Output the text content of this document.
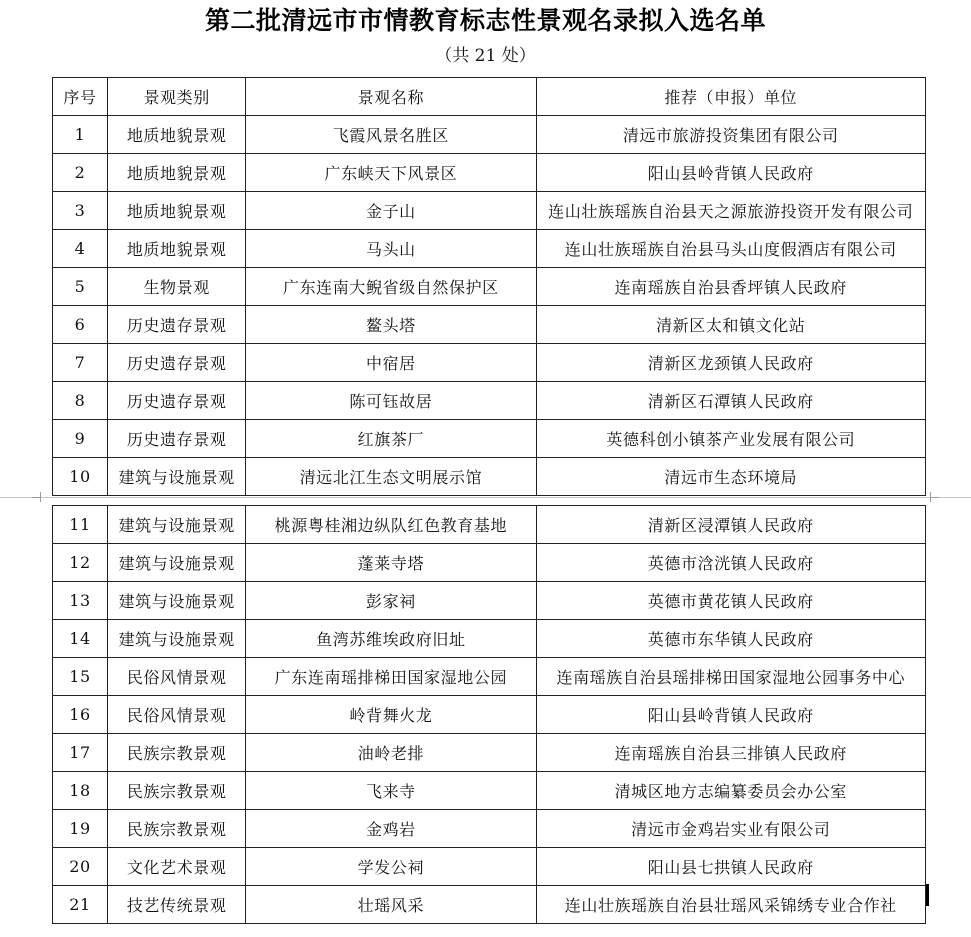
第二批清远市市情教育标志性景观名录拟入选名单
（共 21 处）
序号	景观类别	景观名称	推荐（申报）单位
1	地质地貌景观	飞霞风景名胜区	清远市旅游投资集团有限公司
2	地质地貌景观	广东峡天下风景区	阳山县岭背镇人民政府
3	地质地貌景观	金子山	连山壮族瑶族自治县天之源旅游投资开发有限公司
4	地质地貌景观	马头山	连山壮族瑶族自治县马头山度假酒店有限公司
5	生物景观	广东连南大鲵省级自然保护区	连南瑶族自治县香坪镇人民政府
6	历史遗存景观	鳌头塔	清新区太和镇文化站
7	历史遗存景观	中宿居	清新区龙颈镇人民政府
8	历史遗存景观	陈可钰故居	清新区石潭镇人民政府
9	历史遗存景观	红旗茶厂	英德科创小镇茶产业发展有限公司
10	建筑与设施景观	清远北江生态文明展示馆	清远市生态环境局
11	建筑与设施景观	桃源粤桂湘边纵队红色教育基地	清新区浸潭镇人民政府
12	建筑与设施景观	蓬莱寺塔	英德市浛洸镇人民政府
13	建筑与设施景观	彭家祠	英德市黄花镇人民政府
14	建筑与设施景观	鱼湾苏维埃政府旧址	英德市东华镇人民政府
15	民俗风情景观	广东连南瑶排梯田国家湿地公园	连南瑶族自治县瑶排梯田国家湿地公园事务中心
16	民俗风情景观	岭背舞火龙	阳山县岭背镇人民政府
17	民族宗教景观	油岭老排	连南瑶族自治县三排镇人民政府
18	民族宗教景观	飞来寺	清城区地方志编纂委员会办公室
19	民族宗教景观	金鸡岩	清远市金鸡岩实业有限公司
20	文化艺术景观	学发公祠	阳山县七拱镇人民政府
21	技艺传统景观	壮瑶风采	连山壮族瑶族自治县壮瑶风采锦绣专业合作社
